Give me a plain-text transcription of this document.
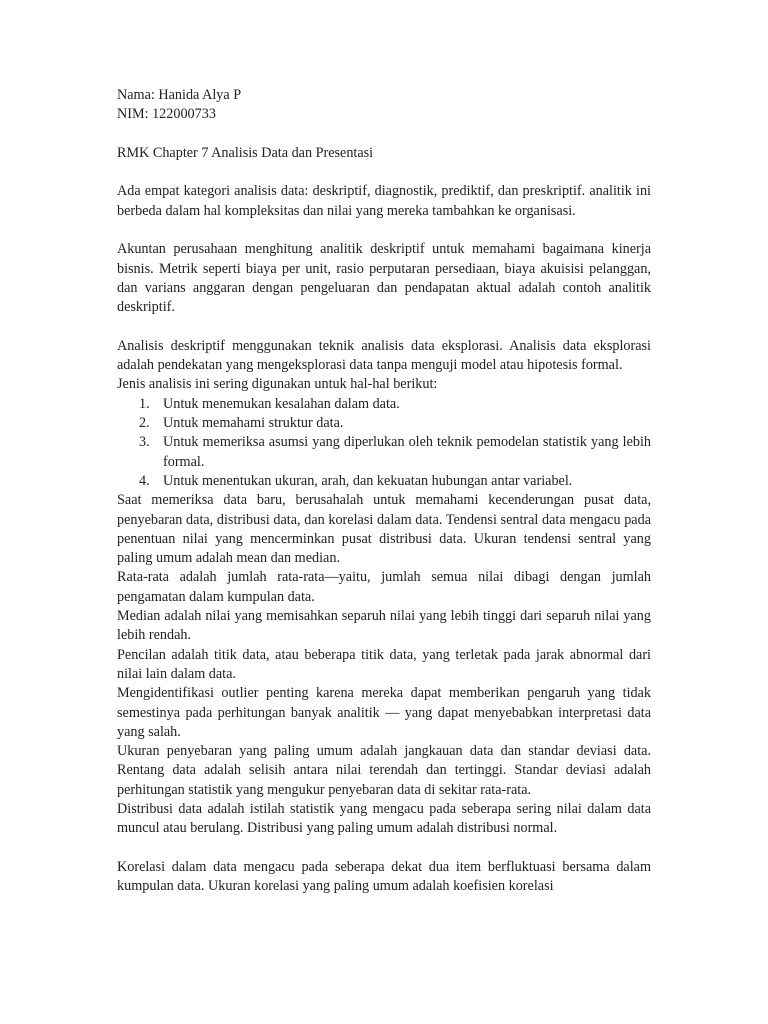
Nama: Hanida Alya P

NIM: 122000733

RMK Chapter 7 Analisis Data dan Presentasi

Ada empat kategori analisis data: deskriptif, diagnostik, prediktif, dan preskriptif. analitik ini berbeda dalam hal kompleksitas dan nilai yang mereka tambahkan ke organisasi.

Akuntan perusahaan menghitung analitik deskriptif untuk memahami bagaimana kinerja bisnis. Metrik seperti biaya per unit, rasio perputaran persediaan, biaya akuisisi pelanggan, dan varians anggaran dengan pengeluaran dan pendapatan aktual adalah contoh analitik deskriptif.

Analisis deskriptif menggunakan teknik analisis data eksplorasi. Analisis data eksplorasi adalah pendekatan yang mengeksplorasi data tanpa menguji model atau hipotesis formal.

Jenis analisis ini sering digunakan untuk hal-hal berikut:

1. Untuk menemukan kesalahan dalam data.
2. Untuk memahami struktur data.
3. Untuk memeriksa asumsi yang diperlukan oleh teknik pemodelan statistik yang lebih formal.
4. Untuk menentukan ukuran, arah, dan kekuatan hubungan antar variabel.

Saat memeriksa data baru, berusahalah untuk memahami kecenderungan pusat data, penyebaran data, distribusi data, dan korelasi dalam data. Tendensi sentral data mengacu pada penentuan nilai yang mencerminkan pusat distribusi data. Ukuran tendensi sentral yang paling umum adalah mean dan median.

Rata-rata adalah jumlah rata-rata—yaitu, jumlah semua nilai dibagi dengan jumlah pengamatan dalam kumpulan data.

Median adalah nilai yang memisahkan separuh nilai yang lebih tinggi dari separuh nilai yang lebih rendah.

Pencilan adalah titik data, atau beberapa titik data, yang terletak pada jarak abnormal dari nilai lain dalam data.

Mengidentifikasi outlier penting karena mereka dapat memberikan pengaruh yang tidak semestinya pada perhitungan banyak analitik — yang dapat menyebabkan interpretasi data yang salah.

Ukuran penyebaran yang paling umum adalah jangkauan data dan standar deviasi data. Rentang data adalah selisih antara nilai terendah dan tertinggi. Standar deviasi adalah perhitungan statistik yang mengukur penyebaran data di sekitar rata-rata.

Distribusi data adalah istilah statistik yang mengacu pada seberapa sering nilai dalam data muncul atau berulang. Distribusi yang paling umum adalah distribusi normal.

Korelasi dalam data mengacu pada seberapa dekat dua item berfluktuasi bersama dalam kumpulan data. Ukuran korelasi yang paling umum adalah koefisien korelasi
